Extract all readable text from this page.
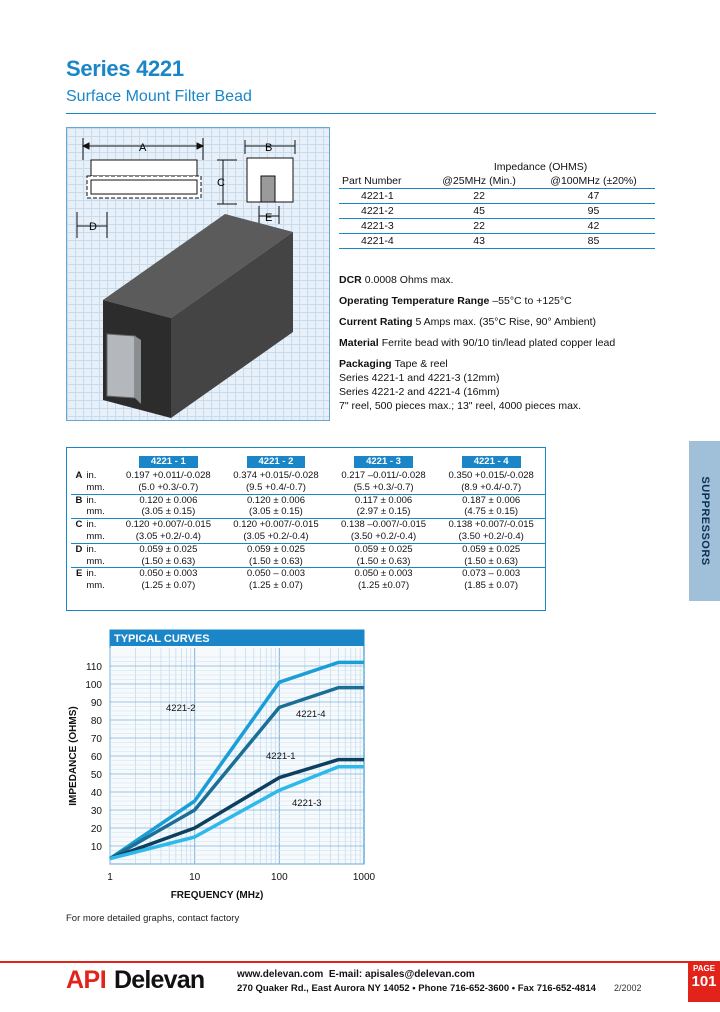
Series 4221
Surface Mount Filter Bead
SUPPRESSORS
A
D
B
C
E
	Impedance (OHMS)	
Part Number	@25MHz (Min.)	@100MHz (±20%)
4221-1	22	47
4221-2	45	95
4221-3	22	42
4221-4	43	85
DCR 0.0008 Ohms max.
Operating Temperature Range –55°C to +125°C
Current Rating 5 Amps max. (35°C Rise, 90° Ambient)
Material Ferrite bead with 90/10 tin/lead plated copper lead
Packaging Tape & reel
Series 4221-1 and 4221-3 (12mm)
Series 4221-2 and 4221-4 (16mm)
7" reel, 500 pieces max.; 13" reel, 4000 pieces max.
		4221 - 1	4221 - 2	4221 - 3	4221 - 4
A	in.	0.197 +0.011/-0.028	0.374 +0.015/-0.028	0.217 –0.011/-0.028	0.350 +0.015/-0.028
	mm.	(5.0 +0.3/-0.7)	(9.5 +0.4/-0.7)	(5.5 +0.3/-0.7)	(8.9 +0.4/-0.7)
B	in.	0.120 ± 0.006	0.120 ± 0.006	0.117 ± 0.006	0.187 ± 0.006
	mm.	(3.05 ± 0.15)	(3.05 ± 0.15)	(2.97 ± 0.15)	(4.75 ± 0.15)
C	in.	0.120 +0.007/-0.015	0.120 +0.007/-0.015	0.138 –0.007/-0.015	0.138 +0.007/-0.015
	mm.	(3.05 +0.2/-0.4)	(3.05 +0.2/-0.4)	(3.50 +0.2/-0.4)	(3.50 +0.2/-0.4)
D	in.	0.059 ± 0.025	0.059 ± 0.025	0.059 ± 0.025	0.059 ± 0.025
	mm.	(1.50 ± 0.63)	(1.50 ± 0.63)	(1.50 ± 0.63)	(1.50 ± 0.63)
E	in.	0.050 ± 0.003	0.050 – 0.003	0.050 ± 0.003	0.073 – 0.003
	mm.	(1.25 ± 0.07)	(1.25 ± 0.07)	(1.25 ±0.07)	(1.85 ± 0.07)
TYPICAL CURVES
10
20
30
40
50
60
70
80
90
100
110
1	10	100	1000
FREQUENCY (MHz)
IMPEDANCE (OHMS)	4221-2
4221-4
4221-1
4221-3
For more detailed graphs, contact factory
API Delevan	www.delevan.com E-mail: apisales@delevan.com
270 Quaker Rd., East Aurora NY 14052 • Phone 716-652-3600 • Fax 716-652-4814 2/2002
PAGE
101
